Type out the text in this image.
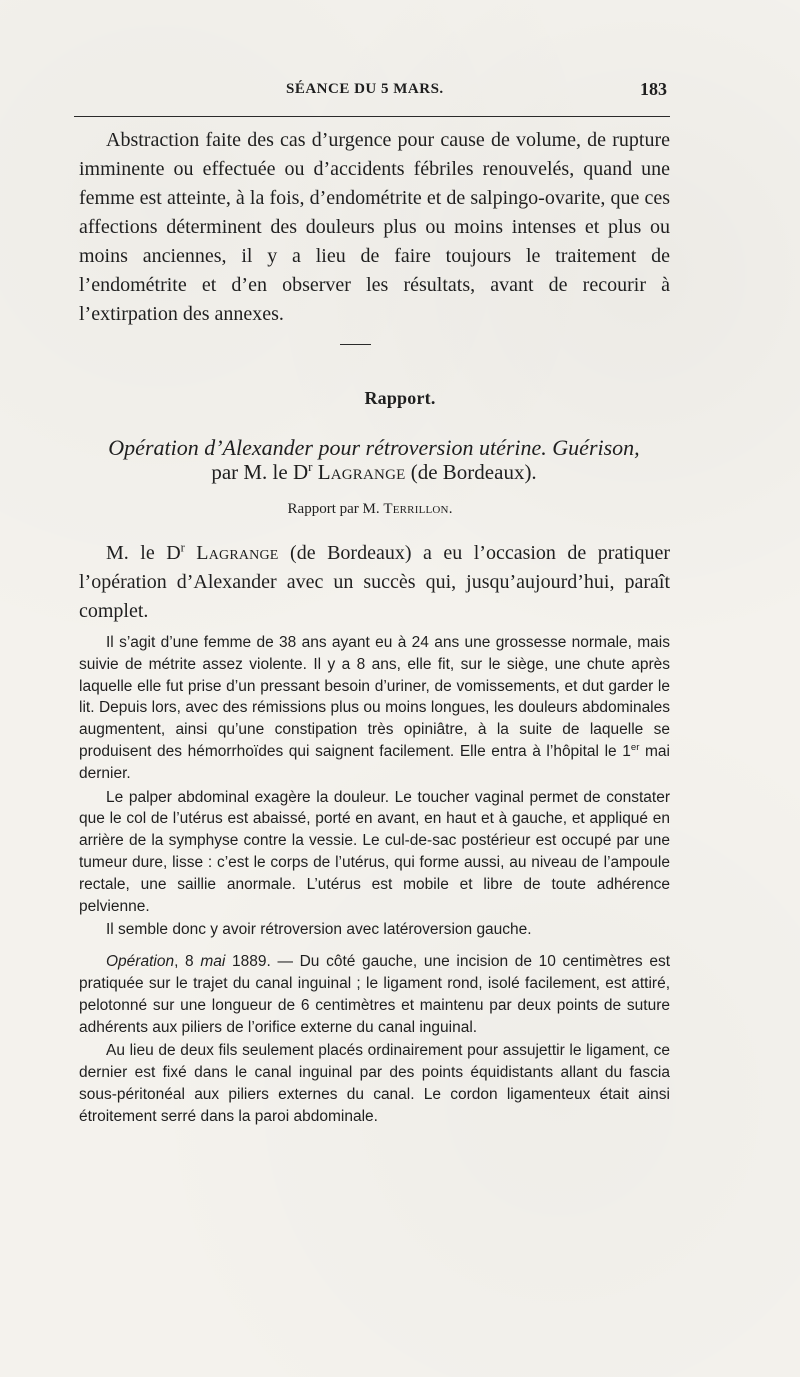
SÉANCE DU 5 MARS.	183

Abstraction faite des cas d’urgence pour cause de volume, de rupture imminente ou effectuée ou d’accidents fébriles renouvelés, quand une femme est atteinte, à la fois, d’endométrite et de salpingo-ovarite, que ces affections déterminent des douleurs plus ou moins intenses et plus ou moins anciennes, il y a lieu de faire toujours le traitement de l’endométrite et d’en observer les résultats, avant de recourir à l’extirpation des annexes.

Rapport.
Opération d’Alexander pour rétroversion utérine. Guérison,
par M. le $D^r$ Lagrange (de Bordeaux).
Rapport par M. Terrillon.

M. le $D^r$ Lagrange (de Bordeaux) a eu l’occasion de pratiquer l’opération d’Alexander avec un succès qui, jusqu’aujourd’hui, paraît complet.

Il s’agit d’une femme de 38 ans ayant eu à 24 ans une grossesse normale, mais suivie de métrite assez violente. Il y a 8 ans, elle fit, sur le siège, une chute après laquelle elle fut prise d’un pressant besoin d’uriner, de vomissements, et dut garder le lit. Depuis lors, avec des rémissions plus ou moins longues, les douleurs abdominales augmentent, ainsi qu’une constipation très opiniâtre, à la suite de laquelle se produisent des hémorrhoïdes qui saignent facilement. Elle entra à l’hôpital le 1er mai dernier.

Le palper abdominal exagère la douleur. Le toucher vaginal permet de constater que le col de l’utérus est abaissé, porté en avant, en haut et à gauche, et appliqué en arrière de la symphyse contre la vessie. Le cul-de-sac postérieur est occupé par une tumeur dure, lisse : c’est le corps de l’utérus, qui forme aussi, au niveau de l’ampoule rectale, une saillie anormale. L’utérus est mobile et libre de toute adhérence pelvienne.

Il semble donc y avoir rétroversion avec latéroversion gauche.

Opération, 8 mai 1889. — Du côté gauche, une incision de 10 centimètres est pratiquée sur le trajet du canal inguinal ; le ligament rond, isolé facilement, est attiré, pelotonné sur une longueur de 6 centimètres et maintenu par deux points de suture adhérents aux piliers de l’orifice externe du canal inguinal.

Au lieu de deux fils seulement placés ordinairement pour assujettir le ligament, ce dernier est fixé dans le canal inguinal par des points équidistants allant du fascia sous-péritonéal aux piliers externes du canal. Le cordon ligamenteux était ainsi étroitement serré dans la paroi abdominale.
